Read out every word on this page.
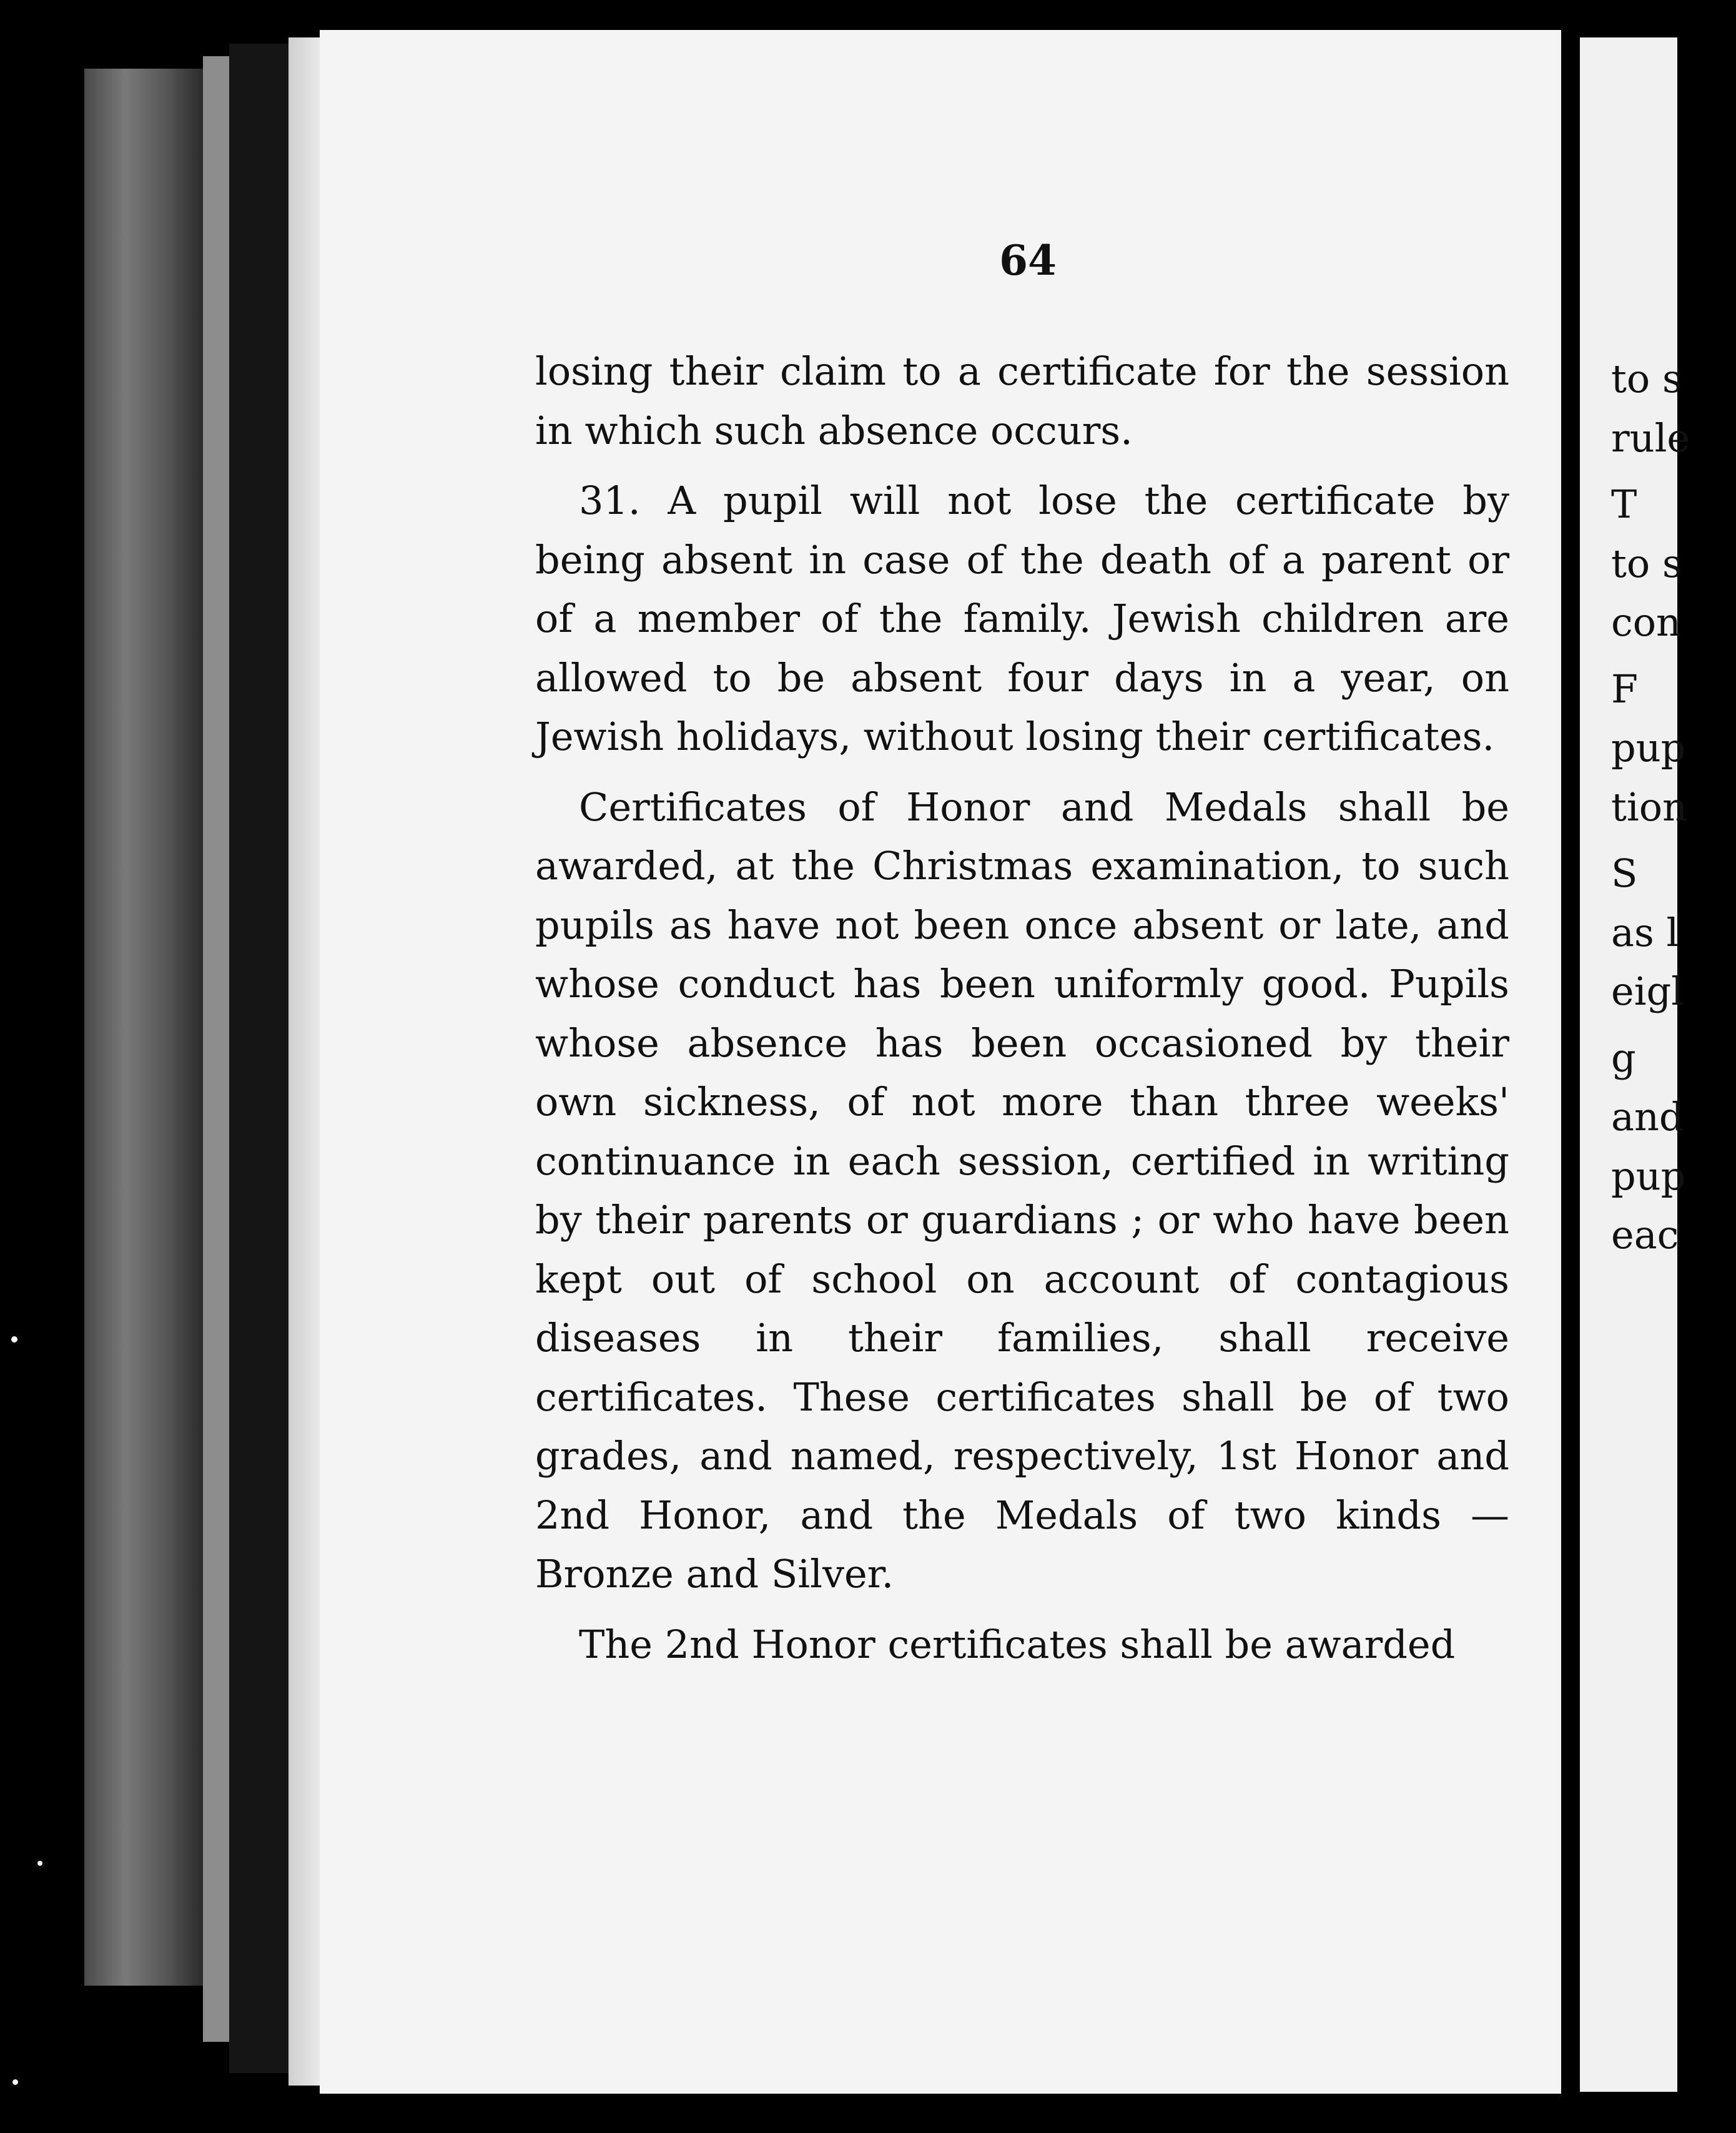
64

losing their claim to a certificate for the session in which such absence occurs.

31. A pupil will not lose the certificate by being absent in case of the death of a parent or of a member of the family. Jewish children are allowed to be absent four days in a year, on Jewish holidays, without losing their certificates.

Certificates of Honor and Medals shall be awarded, at the Christmas examination, to such pupils as have not been once absent or late, and whose conduct has been uniformly good. Pupils whose absence has been occasioned by their own sickness, of not more than three weeks' continuance in each session, certified in writing by their parents or guardians ; or who have been kept out of school on account of contagious diseases in their families, shall receive certificates. These certificates shall be of two grades, and named, respectively, 1st Honor and 2nd Honor, and the Medals of two kinds —Bronze and Silver.

The 2nd Honor certificates shall be awarded

to s
rule
T
to s
con
F
pup
tion
S
as l
eigl
g
and
pup
eac
